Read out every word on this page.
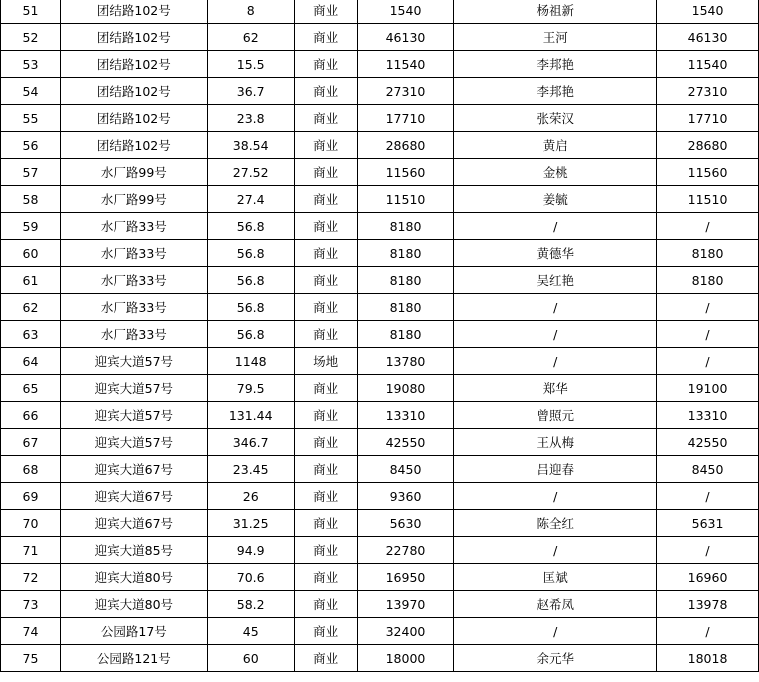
51	团结路102号	8	商业	1540	杨祖新	1540
52	团结路102号	62	商业	46130	王河	46130
53	团结路102号	15.5	商业	11540	李邦艳	11540
54	团结路102号	36.7	商业	27310	李邦艳	27310
55	团结路102号	23.8	商业	17710	张荣汉	17710
56	团结路102号	38.54	商业	28680	黄启	28680
57	水厂路99号	27.52	商业	11560	金桃	11560
58	水厂路99号	27.4	商业	11510	姜毓	11510
59	水厂路33号	56.8	商业	8180	/	/
60	水厂路33号	56.8	商业	8180	黄德华	8180
61	水厂路33号	56.8	商业	8180	吴红艳	8180
62	水厂路33号	56.8	商业	8180	/	/
63	水厂路33号	56.8	商业	8180	/	/
64	迎宾大道57号	1148	场地	13780	/	/
65	迎宾大道57号	79.5	商业	19080	郑华	19100
66	迎宾大道57号	131.44	商业	13310	曾照元	13310
67	迎宾大道57号	346.7	商业	42550	王从梅	42550
68	迎宾大道67号	23.45	商业	8450	吕迎春	8450
69	迎宾大道67号	26	商业	9360	/	/
70	迎宾大道67号	31.25	商业	5630	陈全红	5631
71	迎宾大道85号	94.9	商业	22780	/	/
72	迎宾大道80号	70.6	商业	16950	匡斌	16960
73	迎宾大道80号	58.2	商业	13970	赵希凤	13978
74	公园路17号	45	商业	32400	/	/
75	公园路121号	60	商业	18000	余元华	18018
